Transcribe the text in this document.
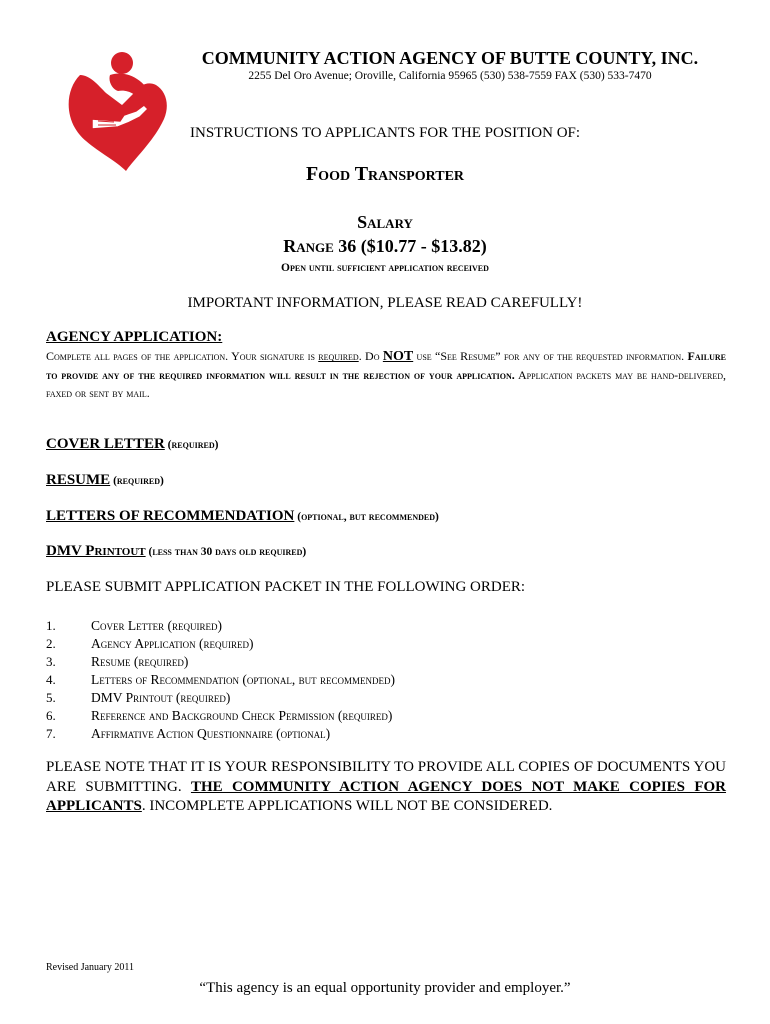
COMMUNITY ACTION AGENCY OF BUTTE COUNTY, INC.
2255 Del Oro Avenue; Oroville, California 95965 (530) 538-7559 FAX (530) 533-7470
INSTRUCTIONS TO APPLICANTS FOR THE POSITION OF:
Food Transporter
Salary
Range 36 ($10.77 - $13.82)
Open until sufficient application received
IMPORTANT INFORMATION, PLEASE READ CAREFULLY!
AGENCY APPLICATION:
Complete all pages of the application. Your signature is required. Do NOT use “See Resume” for any of the requested information. Failure to provide any of the required information will result in the rejection of your application. Application packets may be hand-delivered, faxed or sent by mail.
COVER LETTER (required)
RESUME (required)
LETTERS OF RECOMMENDATION (optional, but recommended)
DMV Printout (less than 30 days old required)
PLEASE SUBMIT APPLICATION PACKET IN THE FOLLOWING ORDER:
1.	Cover Letter (required)
2.	Agency Application (required)
3.	Resume (required)
4.	Letters of Recommendation (optional, but recommended)
5.	DMV Printout (required)
6.	Reference and Background Check Permission (required)
7.	Affirmative Action Questionnaire (optional)
PLEASE NOTE THAT IT IS YOUR RESPONSIBILITY TO PROVIDE ALL COPIES OF DOCUMENTS YOU ARE SUBMITTING. THE COMMUNITY ACTION AGENCY DOES NOT MAKE COPIES FOR APPLICANTS. INCOMPLETE APPLICATIONS WILL NOT BE CONSIDERED.
Revised January 2011
“This agency is an equal opportunity provider and employer.”
